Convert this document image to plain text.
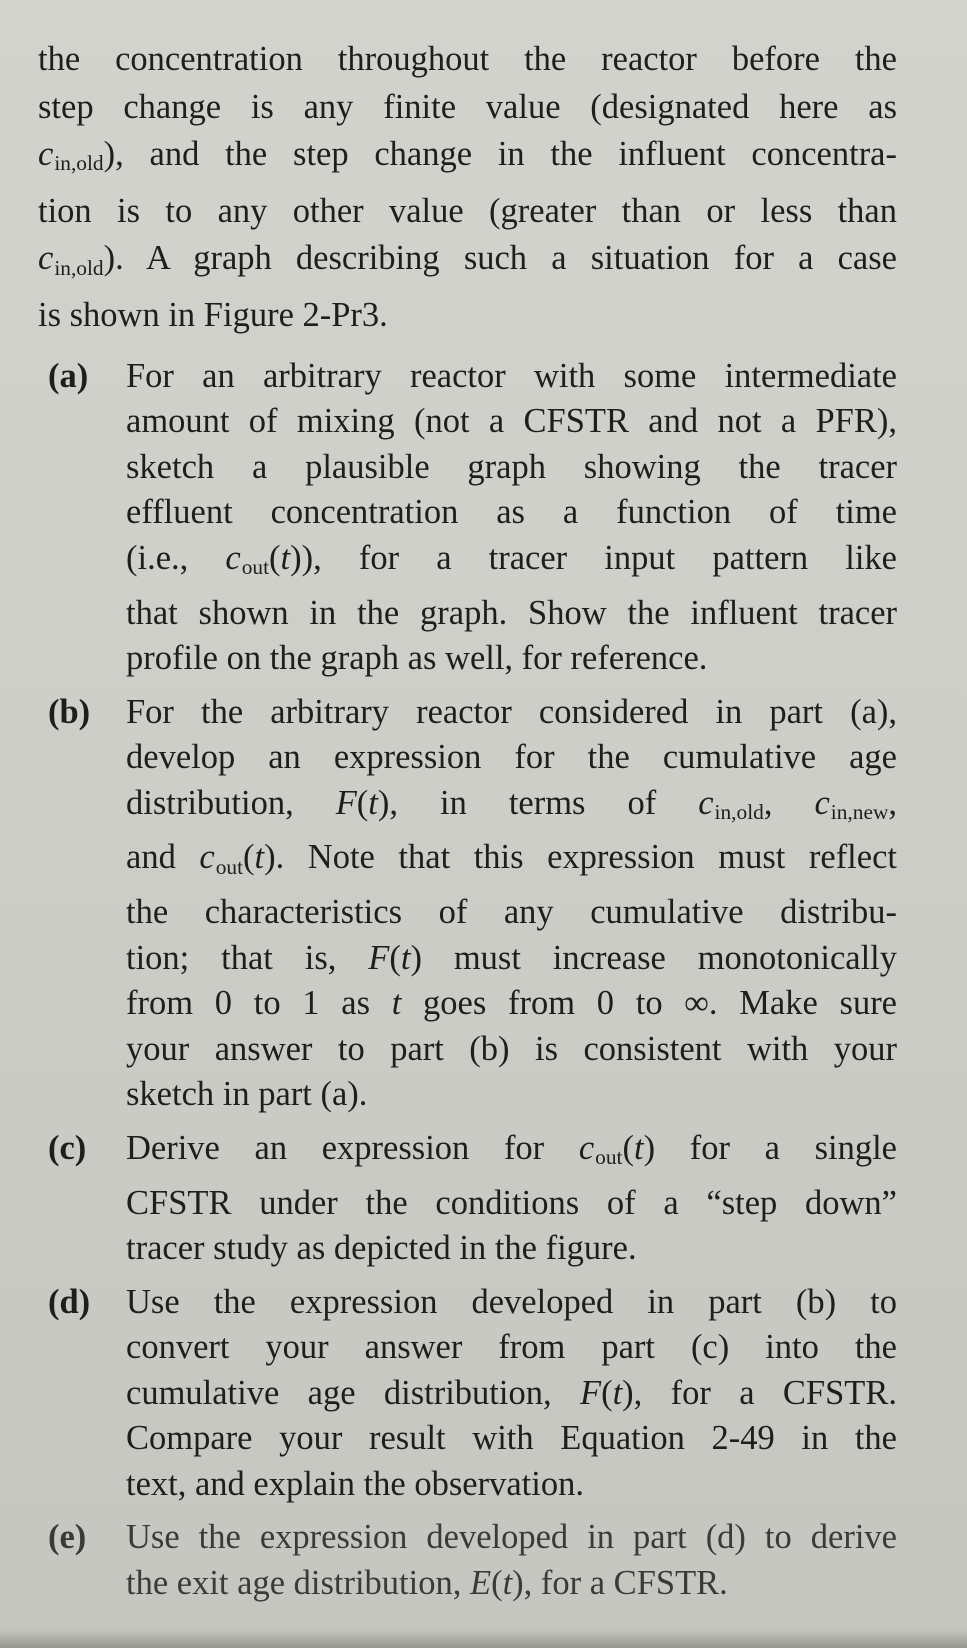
the concentration throughout the reactor before the
step change is any finite value (designated here as
$c_{in,old}$), and the step change in the influent concentra-
tion is to any other value (greater than or less than
$c_{in,old}$). A graph describing such a situation for a case
is shown in Figure 2-Pr3.
(a)	For an arbitrary reactor with some intermediate
amount of mixing (not a CFSTR and not a PFR),
sketch a plausible graph showing the tracer
effluent concentration as a function of time
(i.e., $c_{out}(t)$), for a tracer input pattern like
that shown in the graph. Show the influent tracer
profile on the graph as well, for reference.
(b)	For the arbitrary reactor considered in part (a),
develop an expression for the cumulative age
distribution, F(t), in terms of $c_{in,old}$, $c_{in,new}$,
and $c_{out}(t)$. Note that this expression must reflect
the characteristics of any cumulative distribu-
tion; that is, F(t) must increase monotonically
from 0 to 1 as t goes from 0 to ∞. Make sure
your answer to part (b) is consistent with your
sketch in part (a).
(c)	Derive an expression for $c_{out}(t)$ for a single
CFSTR under the conditions of a “step down”
tracer study as depicted in the figure.
(d)	Use the expression developed in part (b) to
convert your answer from part (c) into the
cumulative age distribution, F(t), for a CFSTR.
Compare your result with Equation 2-49 in the
text, and explain the observation.
(e)	Use the expression developed in part (d) to derive
the exit age distribution, E(t), for a CFSTR.
